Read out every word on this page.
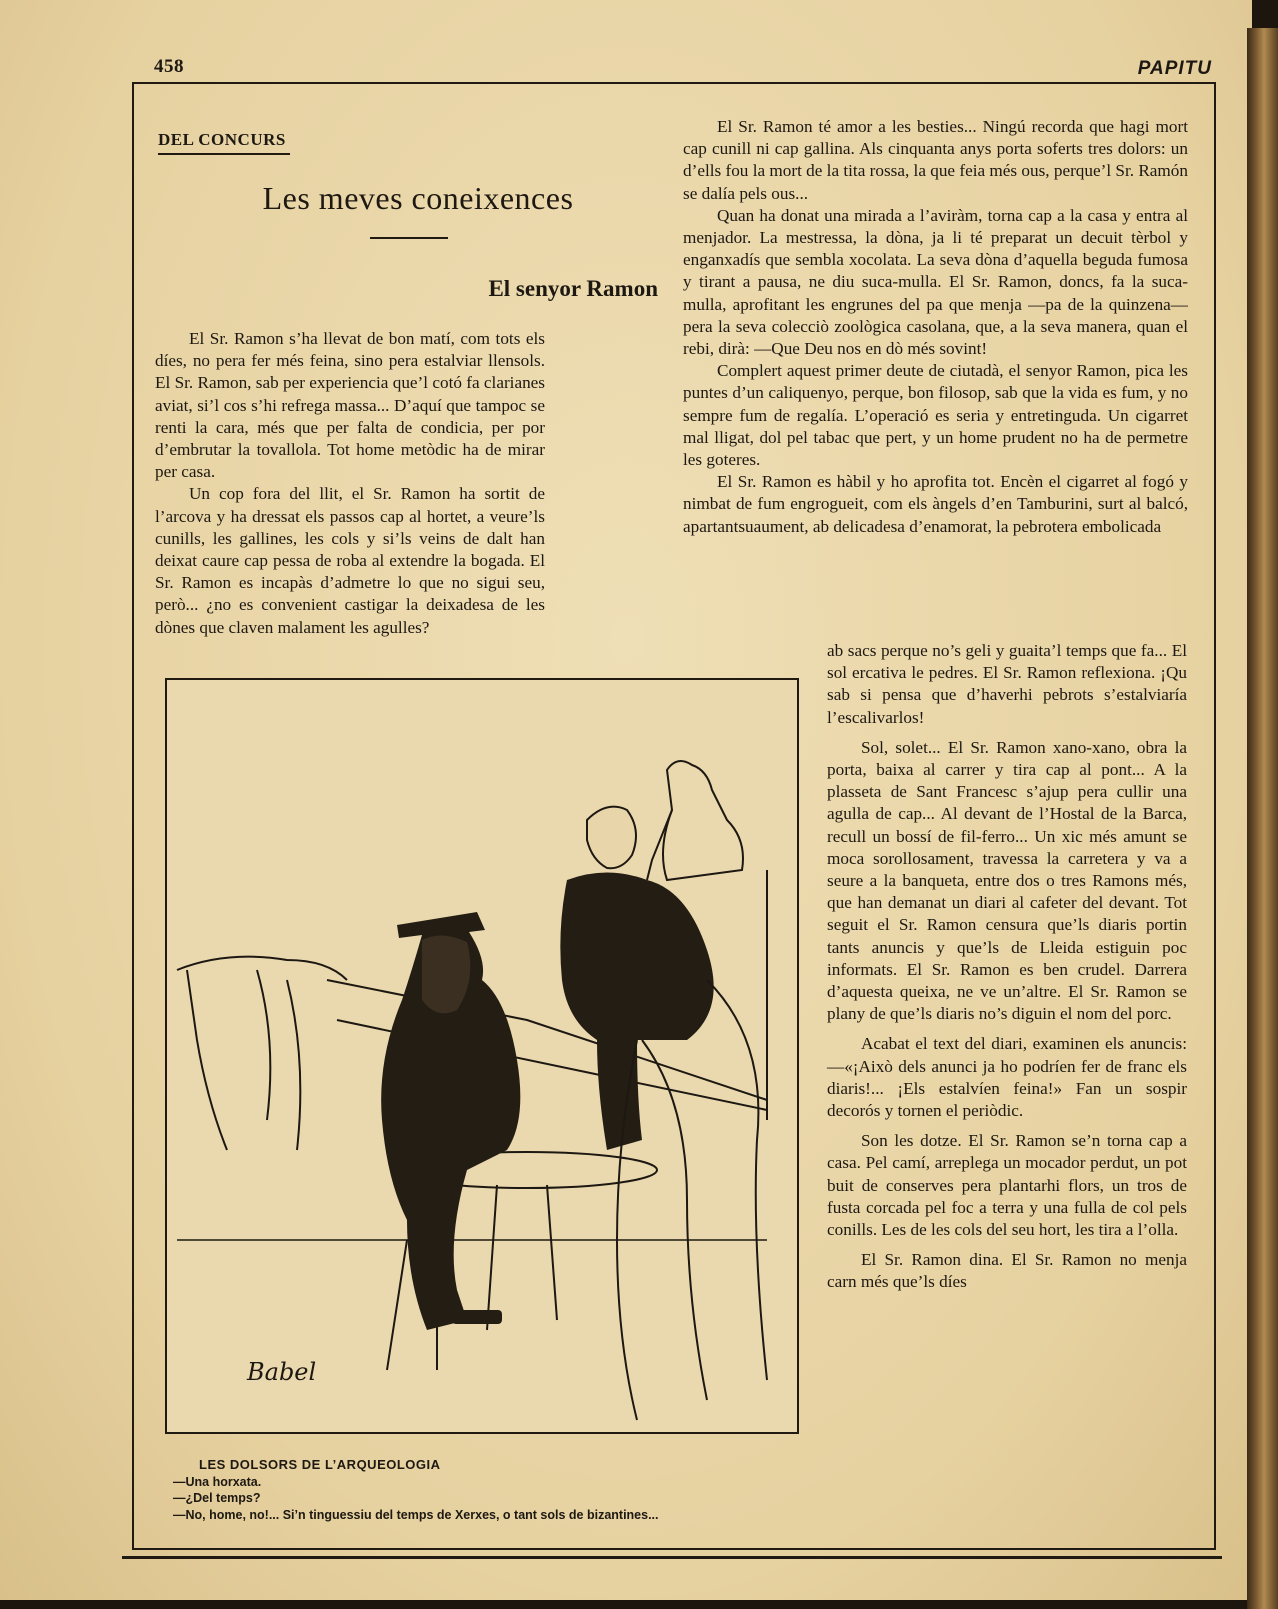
458	PAPITU
DEL CONCURS
Les meves coneixences
El senyor Ramon

El Sr. Ramon s’ha llevat de bon matí, com tots els díes, no pera fer més feina, sino pera estalviar llensols. El Sr. Ramon, sab per experiencia que’l cotó fa clarianes aviat, si’l cos s’hi refrega massa... D’aquí que tampoc se renti la cara, més que per falta de condicia, per por d’embrutar la tovallola. Tot home metòdic ha de mirar per casa.

Un cop fora del llit, el Sr. Ramon ha sortit de l’arcova y ha dressat els passos cap al hortet, a veure’ls cunills, les gallines, les cols y si’ls veins de dalt han deixat caure cap pessa de roba al extendre la bogada. El Sr. Ramon es incapàs d’admetre lo que no sigui seu, però... ¿no es convenient castigar la deixadesa de les dònes que claven malament les agulles?

El Sr. Ramon té amor a les besties... Ningú recorda que hagi mort cap cunill ni cap gallina. Als cinquanta anys porta soferts tres dolors: un d’ells fou la mort de la tita rossa, la que feia més ous, perque’l Sr. Ramón se dalía pels ous...

Quan ha donat una mirada a l’aviràm, torna cap a la casa y entra al menjador. La mestressa, la dòna, ja li té preparat un decuit tèrbol y enganxadís que sembla xocolata. La seva dòna d’aquella beguda fumosa y tirant a pausa, ne diu suca-mulla. El Sr. Ramon, doncs, fa la suca-mulla, aprofitant les engrunes del pa que menja —pa de la quinzena— pera la seva colecciò zoològica casolana, que, a la seva manera, quan el rebi, dirà: —Que Deu nos en dò més sovint!

Complert aquest primer deute de ciutadà, el senyor Ramon, pica les puntes d’un caliquenyo, perque, bon filosop, sab que la vida es fum, y no sempre fum de regalía. L’operació es seria y entretinguda. Un cigarret mal lligat, dol pel tabac que pert, y un home prudent no ha de permetre les goteres.

El Sr. Ramon es hàbil y ho aprofita tot. Encèn el cigarret al fogó y nimbat de fum engrogueit, com els àngels d’en Tamburini, surt al balcó, apartantsuaument, ab delicadesa d’enamorat, la pebrotera embolicada

ab sacs perque no’s geli y guaita’l temps que fa... El sol ercativa le pedres. El Sr. Ramon reflexiona. ¡Qu sab si pensa que d’haverhi pebrots s’estalviaría l’escalivarlos!

Sol, solet... El Sr. Ramon xano-xano, obra la porta, baixa al carrer y tira cap al pont... A la plasseta de Sant Francesc s’ajup pera cullir una agulla de cap... Al devant de l’Hostal de la Barca, recull un bossí de fil-ferro... Un xic més amunt se moca sorollosament, travessa la carretera y va a seure a la banqueta, entre dos o tres Ramons més, que han demanat un diari al cafeter del devant. Tot seguit el Sr. Ramon censura que’ls diaris portin tants anuncis y que’ls de Lleida estiguin poc informats. El Sr. Ramon es ben crudel. Darrera d’aquesta queixa, ne ve un’altre. El Sr. Ramon se plany de que’ls diaris no’s diguin el nom del porc.

Acabat el text del diari, examinen els anuncis: —«¡Això dels anunci ja ho podríen fer de franc els diaris!... ¡Els estalvíen feina!» Fan un sospir decorós y tornen el periòdic.

Son les dotze. El Sr. Ramon se’n torna cap a casa. Pel camí, arreplega un mocador perdut, un pot buit de conserves pera plantarhi flors, un tros de fusta corcada pel foc a terra y una fulla de col pels conills. Les de les cols del seu hort, les tira a l’olla.

El Sr. Ramon dina. El Sr. Ramon no menja carn més que’ls díes

Babel
LES DOLSORS DE L’ARQUEOLOGIA
—Una horxata.
—¿Del temps?
—No, home, no!... Si’n tinguessiu del temps de Xerxes, o tant sols de bizantines...
